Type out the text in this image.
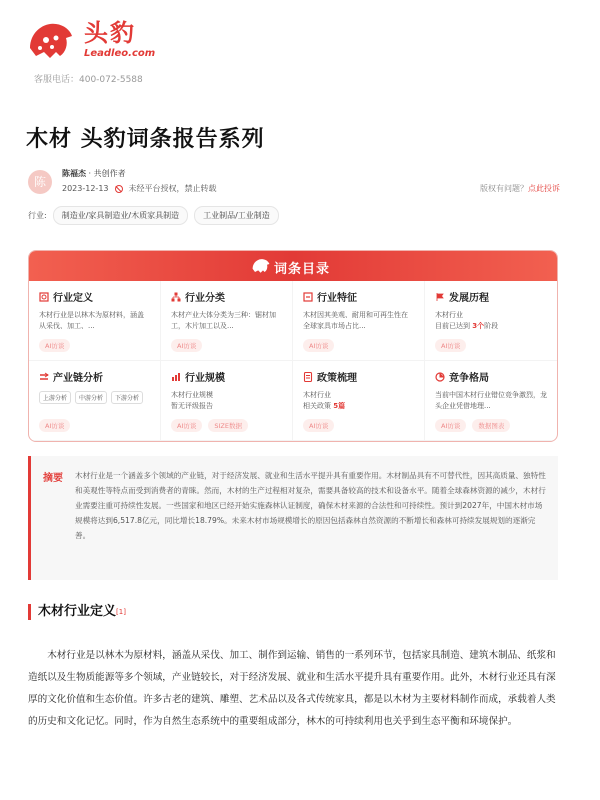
头豹
Leadleo.com
客服电话：400-072-5588
木材 头豹词条报告系列
陈
陈福杰 · 共创作者
2023-12-13	未经平台授权，禁止转载	版权有问题？点此投诉
行业:	制造业/家具制造业/木质家具制造	工业制品/工业制造
词条目录
行业定义
木材行业是以林木为原材料，涵盖从采伐、加工、...
AI访谈
行业分类
木材产业大体分类为三种：锯材加工，木片加工以及...
AI访谈
行业特征
木材因其美观、耐用和可再生性在全球家具市场占比...
AI访谈
发展历程
木材行业
目前已达到 3个阶段
AI访谈
产业链分析
上游分析	中游分析	下游分析
AI访谈
行业规模
木材行业规模
暂无评级报告
AI访谈	SIZE数据
政策梳理
木材行业
相关政策 5篇
AI访谈
竞争格局
当前中国木材行业错位竞争激烈，龙头企业凭借地理...
AI访谈	数据图表
摘要 木材行业是一个涵盖多个领域的产业链，对于经济发展、就业和生活水平提升具有重要作用。木材制品具有不可替代性，因其高质量、独特性和美观性等特点而受到消费者的青睐。然而，木材的生产过程相对复杂，需要具备较高的技术和设备水平。随着全球森林资源的减少，木材行业需要注重可持续性发展。一些国家和地区已经开始实施森林认证制度，确保木材来源的合法性和可持续性。预计到2027年，中国木材市场规模将达到6,517.8亿元，同比增长18.79%。未来木材市场规模增长的原因包括森林自然资源的不断增长和森林可持续发展规划的逐渐完善。

木材行业定义[1]

木材行业是以林木为原材料，涵盖从采伐、加工、制作到运输、销售的一系列环节，包括家具制造、建筑木制品、纸浆和造纸以及生物质能源等多个领域，产业链较长，对于经济发展、就业和生活水平提升具有重要作用。此外，木材行业还具有深厚的文化价值和生态价值。许多古老的建筑、雕塑、艺术品以及各式传统家具，都是以木材为主要材料制作而成，承载着人类的历史和文化记忆。同时，作为自然生态系统中的重要组成部分，林木的可持续利用也关乎到生态平衡和环境保护。
